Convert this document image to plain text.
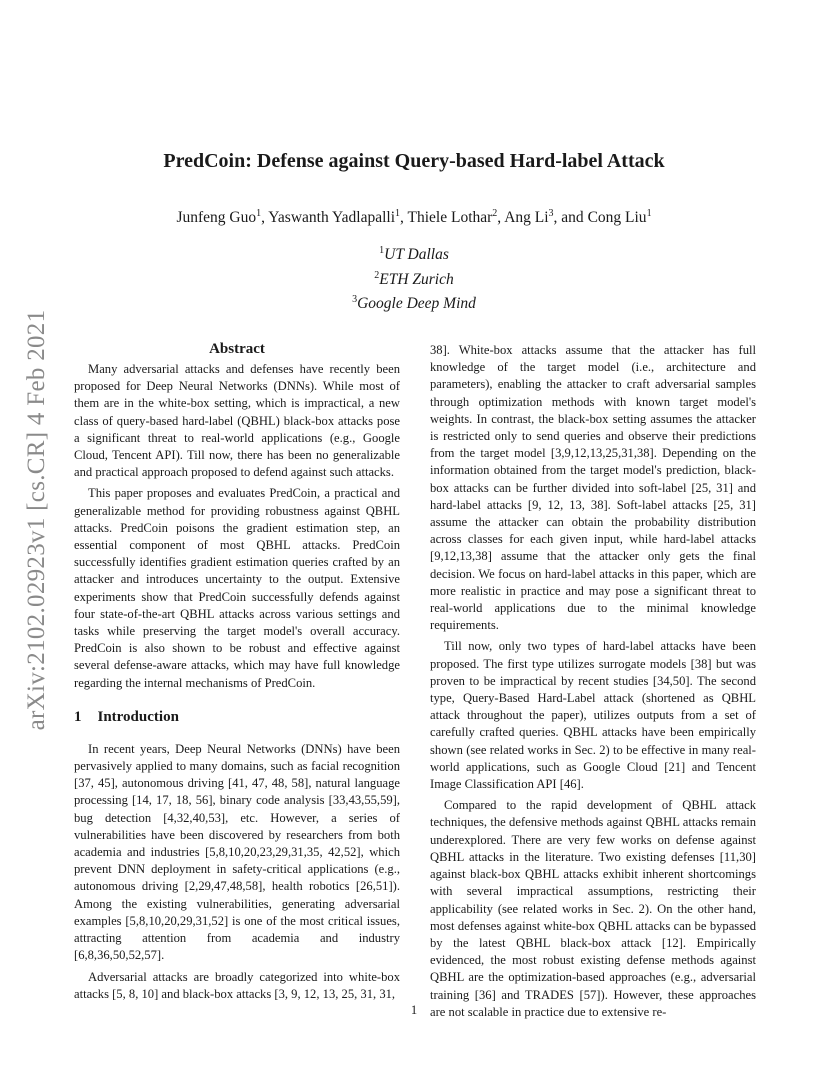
arXiv:2102.02923v1 [cs.CR] 4 Feb 2021
PredCoin: Defense against Query-based Hard-label Attack
Junfeng Guo$^1$, Yaswanth Yadlapalli$^1$, Thiele Lothar$^2$, Ang Li$^3$, and Cong Liu$^1$
$^1$UT Dallas
$^2$ETH Zurich
$^3$Google Deep Mind
Abstract

Many adversarial attacks and defenses have recently been proposed for Deep Neural Networks (DNNs). While most of them are in the white-box setting, which is impractical, a new class of query-based hard-label (QBHL) black-box attacks pose a significant threat to real-world applications (e.g., Google Cloud, Tencent API). Till now, there has been no generalizable and practical approach proposed to defend against such attacks.

This paper proposes and evaluates PredCoin, a practical and generalizable method for providing robustness against QBHL attacks. PredCoin poisons the gradient estimation step, an essential component of most QBHL attacks. PredCoin successfully identifies gradient estimation queries crafted by an attacker and introduces uncertainty to the output. Extensive experiments show that PredCoin successfully defends against four state-of-the-art QBHL attacks across various settings and tasks while preserving the target model's overall accuracy. PredCoin is also shown to be robust and effective against several defense-aware attacks, which may have full knowledge regarding the internal mechanisms of PredCoin.

1 Introduction

In recent years, Deep Neural Networks (DNNs) have been pervasively applied to many domains, such as facial recognition [37, 45], autonomous driving [41, 47, 48, 58], natural language processing [14, 17, 18, 56], binary code analysis [33,43,55,59], bug detection [4,32,40,53], etc. However, a series of vulnerabilities have been discovered by researchers from both academia and industries [5,8,10,20,23,29,31,35, 42,52], which prevent DNN deployment in safety-critical applications (e.g., autonomous driving [2,29,47,48,58], health robotics [26,51]). Among the existing vulnerabilities, generating adversarial examples [5,8,10,20,29,31,52] is one of the most critical issues, attracting attention from academia and industry [6,8,36,50,52,57].

Adversarial attacks are broadly categorized into white-box attacks [5, 8, 10] and black-box attacks [3, 9, 12, 13, 25, 31, 31,

38]. White-box attacks assume that the attacker has full knowledge of the target model (i.e., architecture and parameters), enabling the attacker to craft adversarial samples through optimization methods with known target model's weights. In contrast, the black-box setting assumes the attacker is restricted only to send queries and observe their predictions from the target model [3,9,12,13,25,31,38]. Depending on the information obtained from the target model's prediction, black-box attacks can be further divided into soft-label [25, 31] and hard-label attacks [9, 12, 13, 38]. Soft-label attacks [25, 31] assume the attacker can obtain the probability distribution across classes for each given input, while hard-label attacks [9,12,13,38] assume that the attacker only gets the final decision. We focus on hard-label attacks in this paper, which are more realistic in practice and may pose a significant threat to real-world applications due to the minimal knowledge requirements.

Till now, only two types of hard-label attacks have been proposed. The first type utilizes surrogate models [38] but was proven to be impractical by recent studies [34,50]. The second type, Query-Based Hard-Label attack (shortened as QBHL attack throughout the paper), utilizes outputs from a set of carefully crafted queries. QBHL attacks have been empirically shown (see related works in Sec. 2) to be effective in many real-world applications, such as Google Cloud [21] and Tencent Image Classification API [46].

Compared to the rapid development of QBHL attack techniques, the defensive methods against QBHL attacks remain underexplored. There are very few works on defense against QBHL attacks in the literature. Two existing defenses [11,30] against black-box QBHL attacks exhibit inherent shortcomings with several impractical assumptions, restricting their applicability (see related works in Sec. 2). On the other hand, most defenses against white-box QBHL attacks can be bypassed by the latest QBHL black-box attack [12]. Empirically evidenced, the most robust existing defense methods against QBHL are the optimization-based approaches (e.g., adversarial training [36] and TRADES [57]). However, these approaches are not scalable in practice due to extensive re-

1
